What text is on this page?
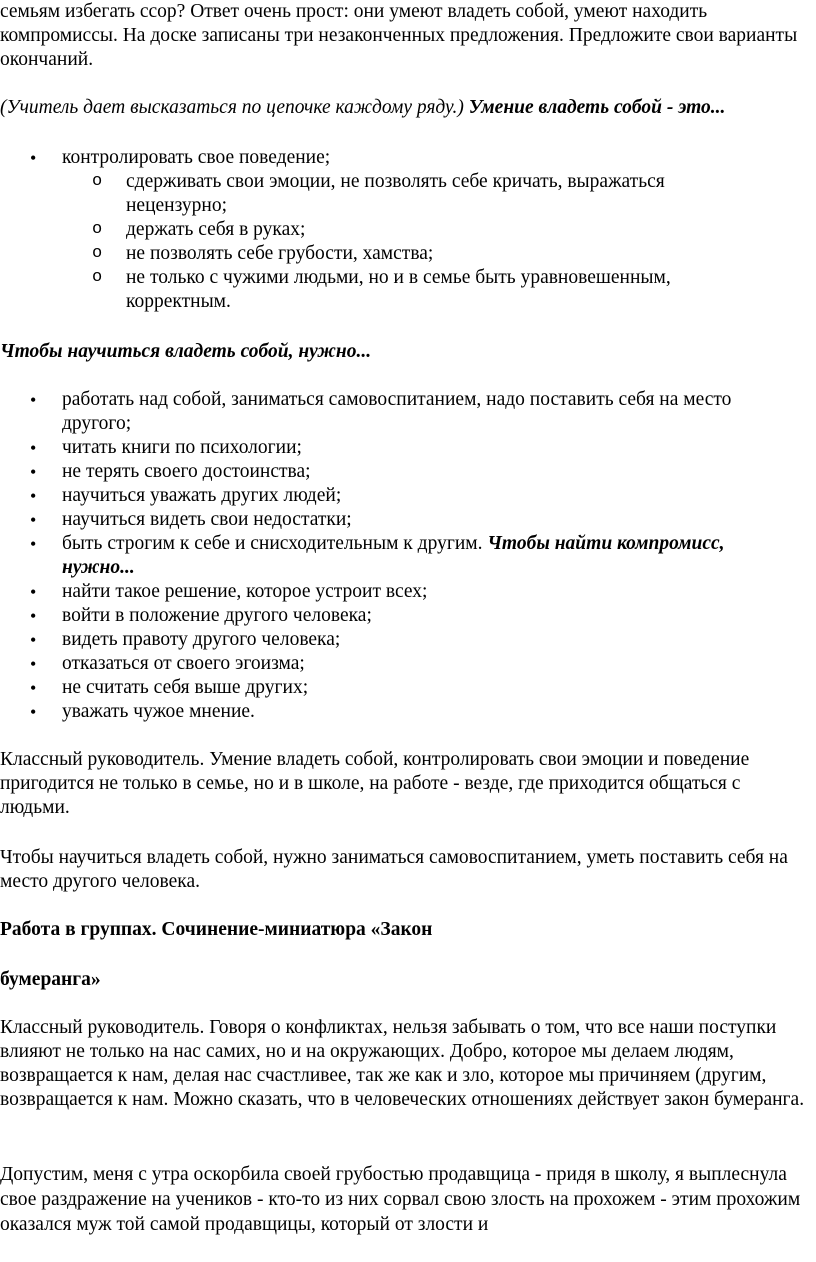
семьям избегать ссор? Ответ очень прост: они умеют владеть собой, умеют находить компромиссы. На доске записаны три незаконченных предложения. Предложите свои варианты окончаний.

(Учитель дает высказаться по цепочке каждому ряду.) Умение владеть собой - это...

• контролировать свое поведение;
o сдерживать свои эмоции, не позволять себе кричать, выражаться нецензурно;
o держать себя в руках;
o не позволять себе грубости, хамства;
o не только с чужими людьми, но и в семье быть уравновешенным, корректным.

Чтобы научиться владеть собой, нужно...

• работать над собой, заниматься самовоспитанием, надо поставить себя на место другого;
• читать книги по психологии;
• не терять своего достоинства;
• научиться уважать других людей;
• научиться видеть свои недостатки;
• быть строгим к себе и снисходительным к другим. Чтобы найти компромисс, нужно...
• найти такое решение, которое устроит всех;
• войти в положение другого человека;
• видеть правоту другого человека;
• отказаться от своего эгоизма;
• не считать себя выше других;
• уважать чужое мнение.

Классный руководитель. Умение владеть собой, контролировать свои эмоции и поведение пригодится не только в семье, но и в школе, на работе - везде, где приходится общаться с людьми.

Чтобы научиться владеть собой, нужно заниматься самовоспитанием, уметь поставить себя на место другого человека.

Работа в группах. Сочинение-миниатюра «Закон

бумеранга»

Классный руководитель. Говоря о конфликтах, нельзя забывать о том, что все наши поступки влияют не только на нас самих, но и на окружающих. Добро, которое мы делаем людям, возвращается к нам, делая нас счастливее, так же как и зло, которое мы причиняем (другим, возвращается к нам. Можно сказать, что в человеческих отношениях действует закон бумеранга.

Допустим, меня с утра оскорбила своей грубостью продавщица - придя в школу, я выплеснула свое раздражение на учеников - кто-то из них сорвал свою злость на прохожем - этим прохожим оказался муж той самой продавщицы, который от злости и
